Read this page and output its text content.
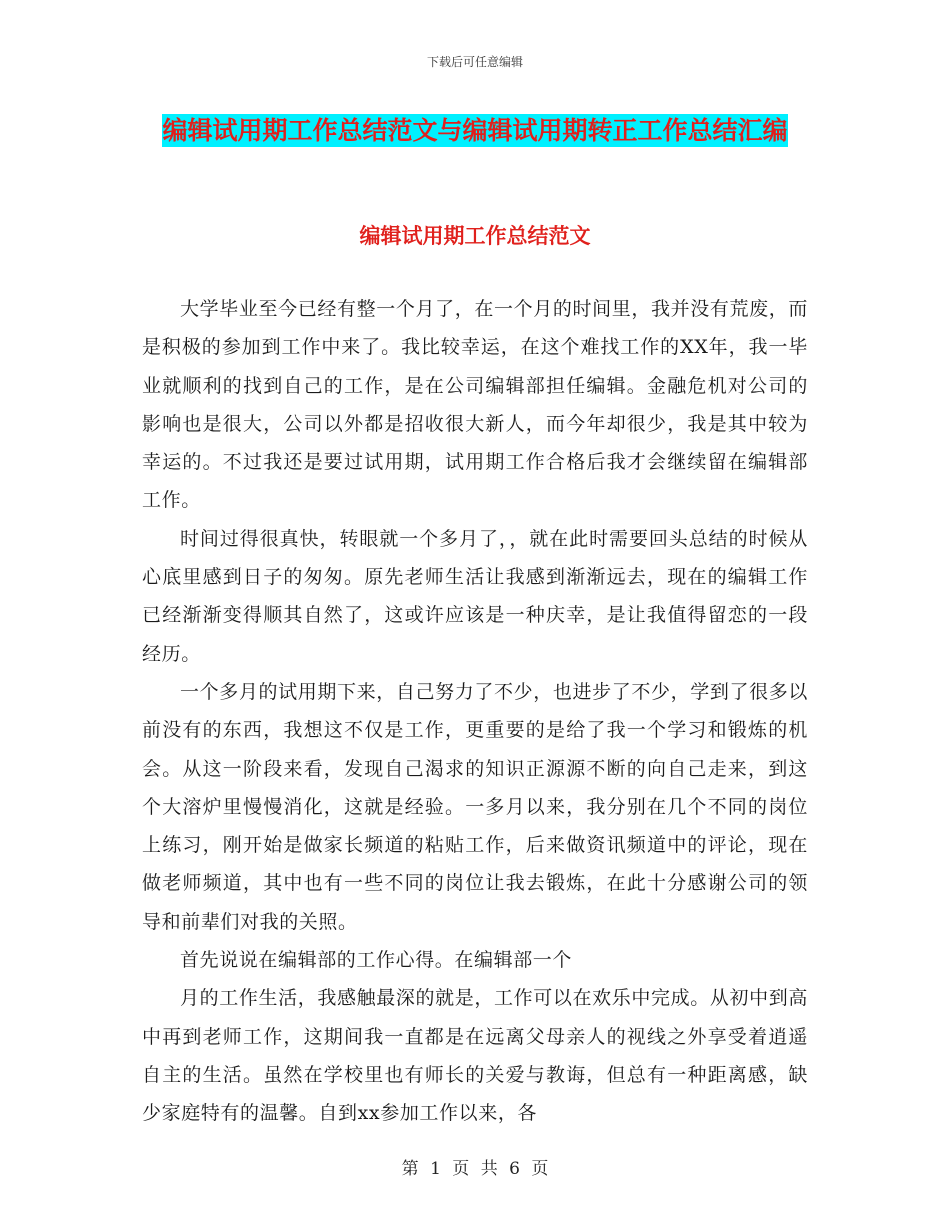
下载后可任意编辑
编辑试用期工作总结范文与编辑试用期转正工作总结汇编
编辑试用期工作总结范文

大学毕业至今已经有整一个月了，在一个月的时间里，我并没有荒废，而是积极的参加到工作中来了。我比较幸运，在这个难找工作的XX年，我一毕业就顺利的找到自己的工作，是在公司编辑部担任编辑。金融危机对公司的影响也是很大，公司以外都是招收很大新人，而今年却很少，我是其中较为幸运的。不过我还是要过试用期，试用期工作合格后我才会继续留在编辑部工作。

时间过得很真快，转眼就一个多月了，，就在此时需要回头总结的时候从心底里感到日子的匆匆。原先老师生活让我感到渐渐远去，现在的编辑工作已经渐渐变得顺其自然了，这或许应该是一种庆幸，是让我值得留恋的一段经历。

一个多月的试用期下来，自己努力了不少，也进步了不少，学到了很多以前没有的东西，我想这不仅是工作，更重要的是给了我一个学习和锻炼的机会。从这一阶段来看，发现自己渴求的知识正源源不断的向自己走来，到这个大溶炉里慢慢消化，这就是经验。一多月以来，我分别在几个不同的岗位上练习，刚开始是做家长频道的粘贴工作，后来做资讯频道中的评论，现在做老师频道，其中也有一些不同的岗位让我去锻炼，在此十分感谢公司的领导和前辈们对我的关照。

首先说说在编辑部的工作心得。在编辑部一个

月的工作生活，我感触最深的就是，工作可以在欢乐中完成。从初中到高中再到老师工作，这期间我一直都是在远离父母亲人的视线之外享受着逍遥自主的生活。虽然在学校里也有师长的关爱与教诲，但总有一种距离感，缺少家庭特有的温馨。自到xx参加工作以来，各

第 1 页 共 6 页
